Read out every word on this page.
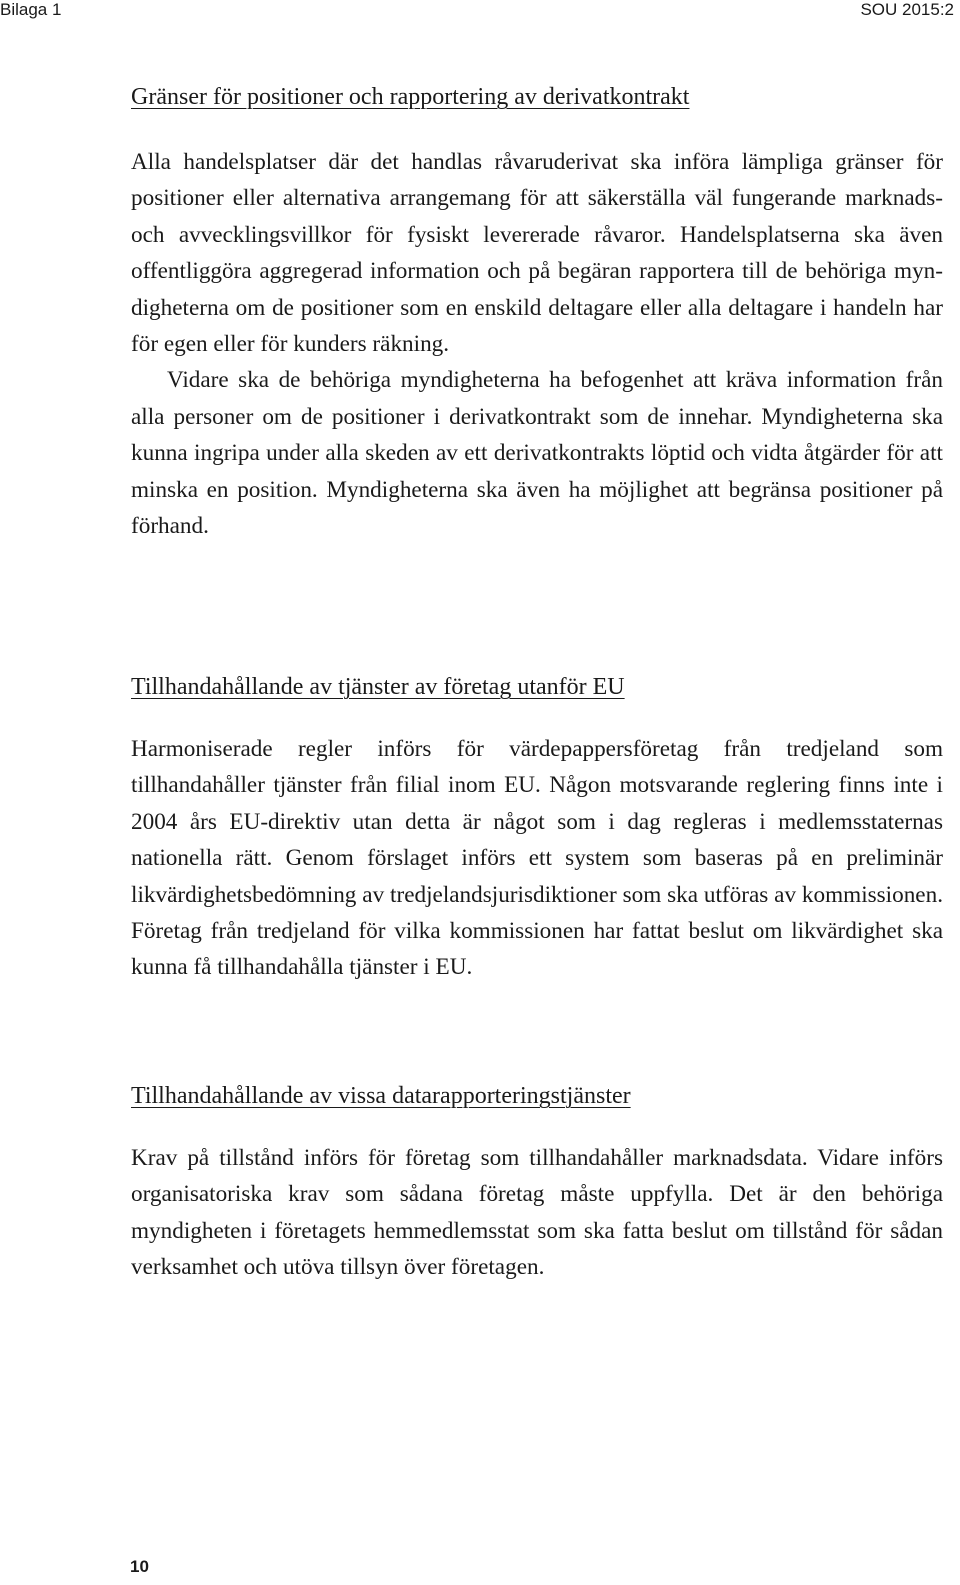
Bilaga 1	SOU 2015:2
Gränser för positioner och rapportering av derivatkontrakt

Alla handelsplatser där det handlas råvaruderivat ska införa lämpliga gränser för positioner eller alternativa arrangemang för att säkerställa väl fungerande marknads- och avvecklingsvillkor för fysiskt levererade råvaror. Handelsplatserna ska även offentliggöra aggregerad information och på begäran rapportera till de behöriga myndigheterna om de positioner som en enskild deltagare eller alla deltagare i handeln har för egen eller för kunders räkning.

Vidare ska de behöriga myndigheterna ha befogenhet att kräva information från alla personer om de positioner i derivatkontrakt som de innehar. Myndigheterna ska kunna ingripa under alla skeden av ett derivatkontrakts löptid och vidta åtgärder för att minska en position. Myndigheterna ska även ha möjlighet att begränsa positioner på förhand.

Tillhandahållande av tjänster av företag utanför EU

Harmoniserade regler införs för värdepappersföretag från tredjeland som tillhandahåller tjänster från filial inom EU. Någon motsvarande reglering finns inte i 2004 års EU-direktiv utan detta är något som i dag regleras i medlemsstaternas nationella rätt. Genom förslaget införs ett system som baseras på en preliminär likvärdighetsbedömning av tredjelandsjurisdiktioner som ska utföras av kommissionen. Företag från tredjeland för vilka kommissionen har fattat beslut om likvärdighet ska kunna få tillhandahålla tjänster i EU.

Tillhandahållande av vissa datarapporteringstjänster

Krav på tillstånd införs för företag som tillhandahåller marknadsdata. Vidare införs organisatoriska krav som sådana företag måste uppfylla. Det är den behöriga myndigheten i företagets hemmedlemsstat som ska fatta beslut om tillstånd för sådan verksamhet och utöva tillsyn över företagen.

10
